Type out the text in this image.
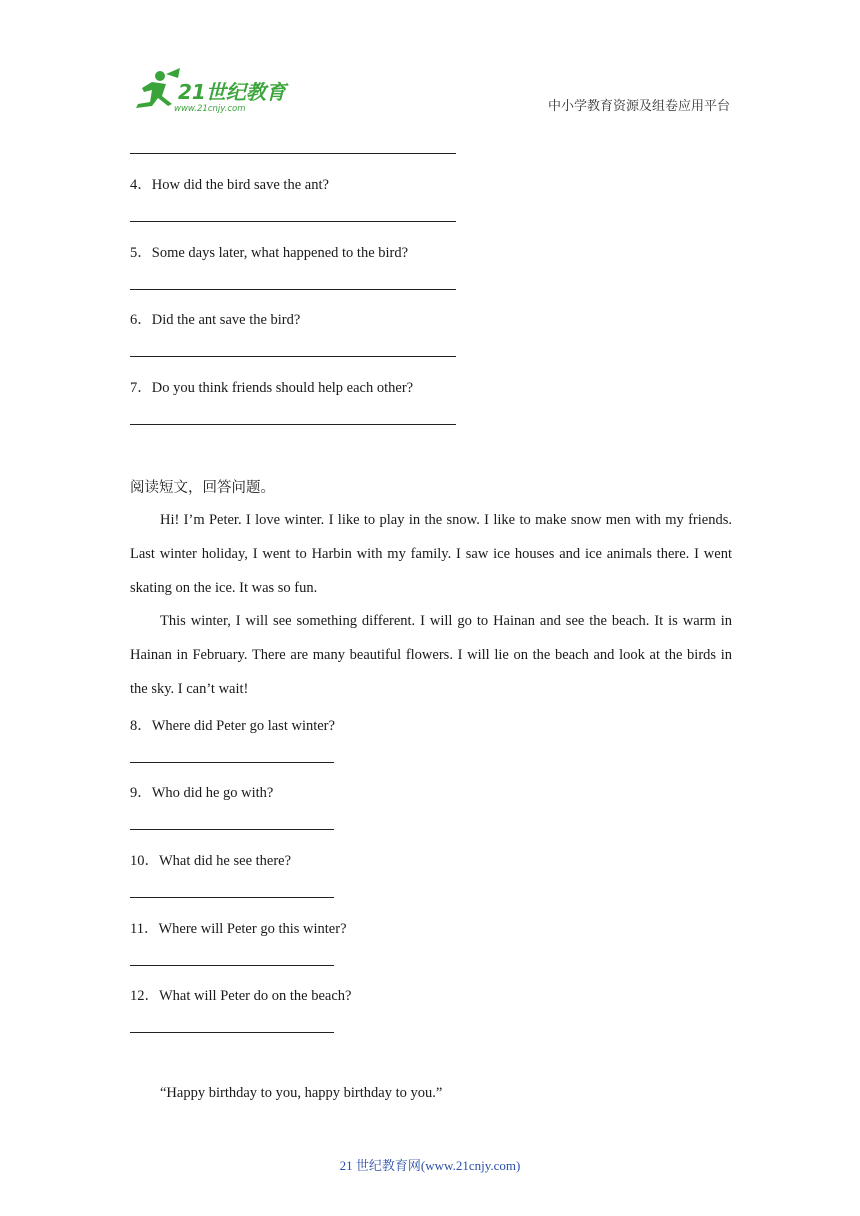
21世纪教育
www.21cnjy.com	中小学教育资源及组卷应用平台
4．How did the bird save the ant?
5．Some days later, what happened to the bird?
6．Did the ant save the bird?
7．Do you think friends should help each other?
阅读短文，回答问题。
Hi! I’m Peter. I love winter. I like to play in the snow. I like to make snow men with my friends. Last winter holiday, I went to Harbin with my family. I saw ice houses and ice animals there. I went skating on the ice. It was so fun.
This winter, I will see something different. I will go to Hainan and see the beach. It is warm in Hainan in February. There are many beautiful flowers. I will lie on the beach and look at the birds in the sky. I can’t wait!
8．Where did Peter go last winter?
9．Who did he go with?
10．What did he see there?
11．Where will Peter go this winter?
12．What will Peter do on the beach?
“Happy birthday to you, happy birthday to you.”
21 世纪教育网(www.21cnjy.com)
